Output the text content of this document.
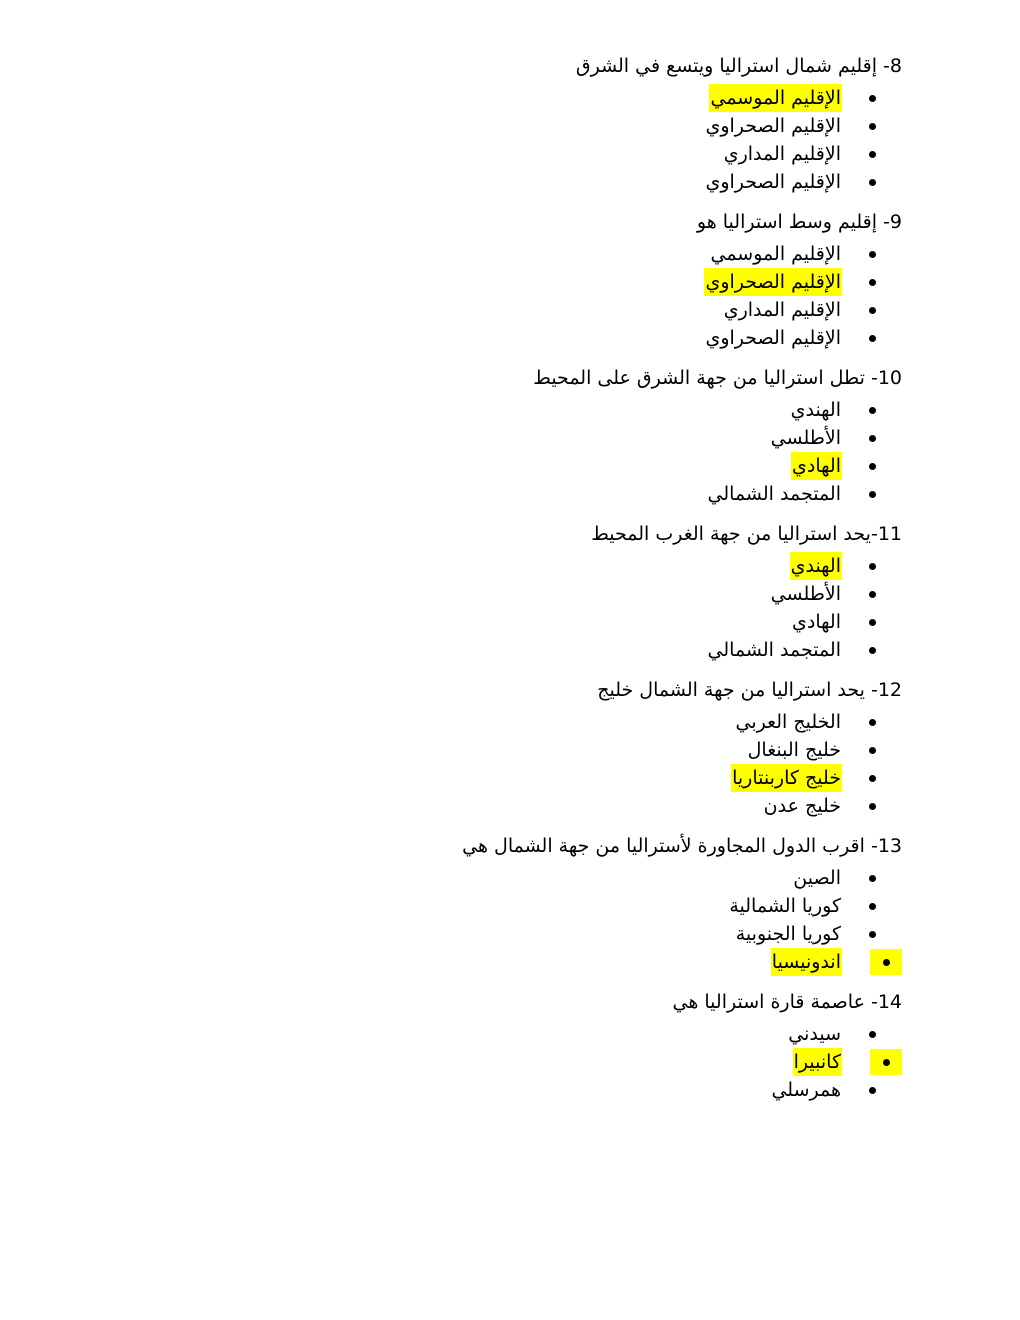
8- إقليم شمال استراليا ويتسع في الشرق
الإقليم الموسمي
الإقليم الصحراوي
الإقليم المداري
الإقليم الصحراوي
9- إقليم وسط استراليا هو
الإقليم الموسمي
الإقليم الصحراوي
الإقليم المداري
الإقليم الصحراوي
10- تطل استراليا من جهة الشرق على المحيط
الهندي
الأطلسي
الهادي
المتجمد الشمالي
11-يحد استراليا من جهة الغرب المحيط
الهندي
الأطلسي
الهادي
المتجمد الشمالي
12- يحد استراليا من جهة الشمال خليج
الخليج العربي
خليج البنغال
خليج كاربنتاريا
خليج عدن
13- اقرب الدول المجاورة لأستراليا من جهة الشمال هي
الصين
كوريا الشمالية
كوريا الجنوبية
اندونيسيا
14- عاصمة قارة استراليا هي
سيدني
كانبيرا
همرسلي
